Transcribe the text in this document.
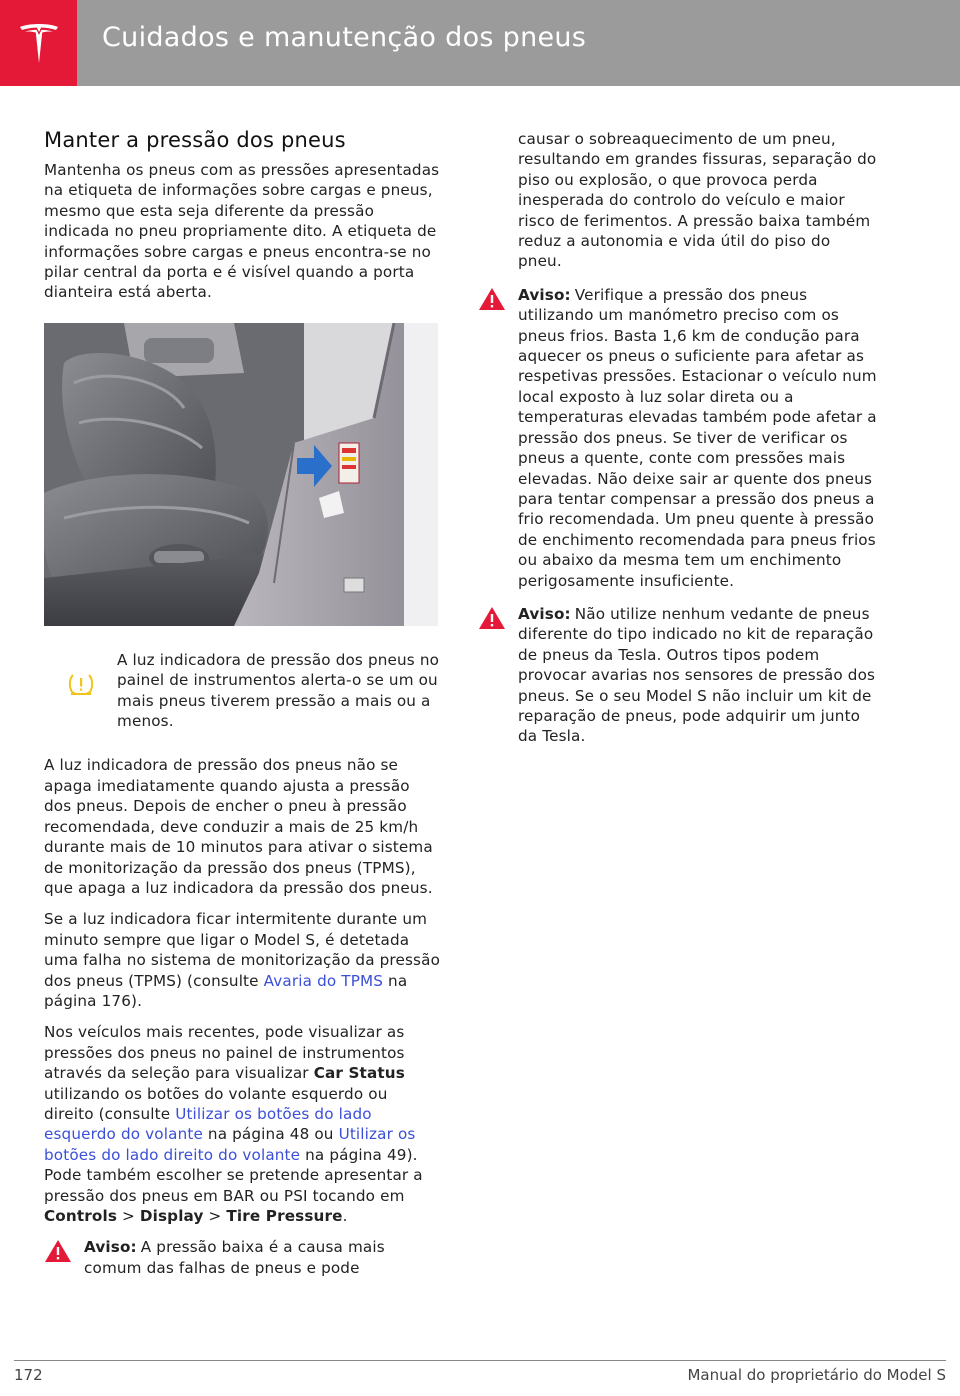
Cuidados e manutenção dos pneus
Manter a pressão dos pneus

Mantenha os pneus com as pressões apresentadas na etiqueta de informações sobre cargas e pneus, mesmo que esta seja diferente da pressão indicada no pneu propriamente dito. A etiqueta de informações sobre cargas e pneus encontra-se no pilar central da porta e é visível quando a porta dianteira está aberta.

A luz indicadora de pressão dos pneus no painel de instrumentos alerta-o se um ou mais pneus tiverem pressão a mais ou a menos.

A luz indicadora de pressão dos pneus não se apaga imediatamente quando ajusta a pressão dos pneus. Depois de encher o pneu à pressão recomendada, deve conduzir a mais de 25 km/h durante mais de 10 minutos para ativar o sistema de monitorização da pressão dos pneus (TPMS), que apaga a luz indicadora da pressão dos pneus.

Se a luz indicadora ficar intermitente durante um minuto sempre que ligar o Model S, é detetada uma falha no sistema de monitorização da pressão dos pneus (TPMS) (consulte Avaria do TPMS na página 176).

Nos veículos mais recentes, pode visualizar as pressões dos pneus no painel de instrumentos através da seleção para visualizar Car Status utilizando os botões do volante esquerdo ou direito (consulte Utilizar os botões do lado esquerdo do volante na página 48 ou Utilizar os botões do lado direito do volante na página 49). Pode também escolher se pretende apresentar a pressão dos pneus em BAR ou PSI tocando em Controls > Display > Tire Pressure.

Aviso: A pressão baixa é a causa mais comum das falhas de pneus e pode

causar o sobreaquecimento de um pneu, resultando em grandes fissuras, separação do piso ou explosão, o que provoca perda inesperada do controlo do veículo e maior risco de ferimentos. A pressão baixa também reduz a autonomia e vida útil do piso do pneu.

Aviso: Verifique a pressão dos pneus utilizando um manómetro preciso com os pneus frios. Basta 1,6 km de condução para aquecer os pneus o suficiente para afetar as respetivas pressões. Estacionar o veículo num local exposto à luz solar direta ou a temperaturas elevadas também pode afetar a pressão dos pneus. Se tiver de verificar os pneus a quente, conte com pressões mais elevadas. Não deixe sair ar quente dos pneus para tentar compensar a pressão dos pneus a frio recomendada. Um pneu quente à pressão de enchimento recomendada para pneus frios ou abaixo da mesma tem um enchimento perigosamente insuficiente.
Aviso: Não utilize nenhum vedante de pneus diferente do tipo indicado no kit de reparação de pneus da Tesla. Outros tipos podem provocar avarias nos sensores de pressão dos pneus. Se o seu Model S não incluir um kit de reparação de pneus, pode adquirir um junto da Tesla.
172	Manual do proprietário do Model S
